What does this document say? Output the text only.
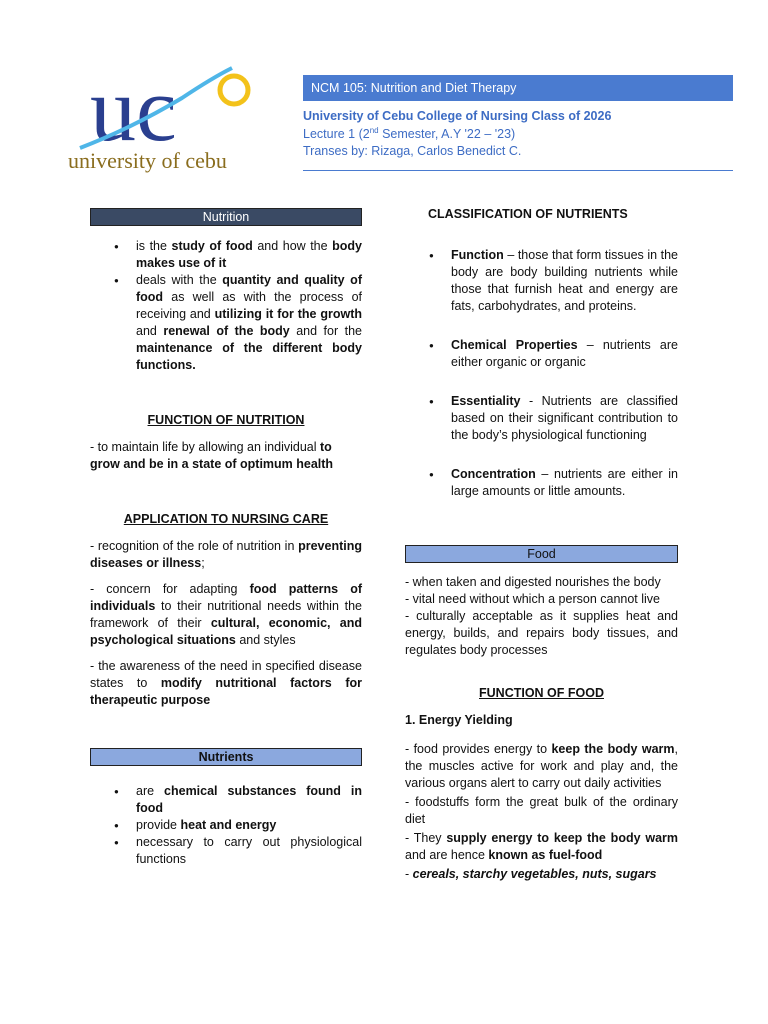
uc
university of cebu
NCM 105: Nutrition and Diet Therapy
University of Cebu College of Nursing Class of 2026
Lecture 1 (2nd Semester, A.Y '22 – '23)
Transes by: Rizaga, Carlos Benedict C.
Nutrition
● is the study of food and how the body makes use of it
● deals with the quantity and quality of food as well as with the process of receiving and utilizing it for the growth and renewal of the body and for the maintenance of the different body functions.
FUNCTION OF NUTRITION

- to maintain life by allowing an individual to grow and be in a state of optimum health

APPLICATION TO NURSING CARE

- recognition of the role of nutrition in preventing diseases or illness;

- concern for adapting food patterns of individuals to their nutritional needs within the framework of their cultural, economic, and psychological situations and styles

- the awareness of the need in specified disease states to modify nutritional factors for therapeutic purpose

Nutrients
● are chemical substances found in food
● provide heat and energy
● necessary to carry out physiological functions
CLASSIFICATION OF NUTRIENTS
● Function – those that form tissues in the body are body building nutrients while those that furnish heat and energy are fats, carbohydrates, and proteins.
● Chemical Properties – nutrients are either organic or organic
● Essentiality - Nutrients are classified based on their significant contribution to the body’s physiological functioning
● Concentration – nutrients are either in large amounts or little amounts.
Food

- when taken and digested nourishes the body

- vital need without which a person cannot live

- culturally acceptable as it supplies heat and energy, builds, and repairs body tissues, and regulates body processes

FUNCTION OF FOOD
1. Energy Yielding

- food provides energy to keep the body warm, the muscles active for work and play and, the various organs alert to carry out daily activities

- foodstuffs form the great bulk of the ordinary diet

- They supply energy to keep the body warm and are hence known as fuel-food

- cereals, starchy vegetables, nuts, sugars
